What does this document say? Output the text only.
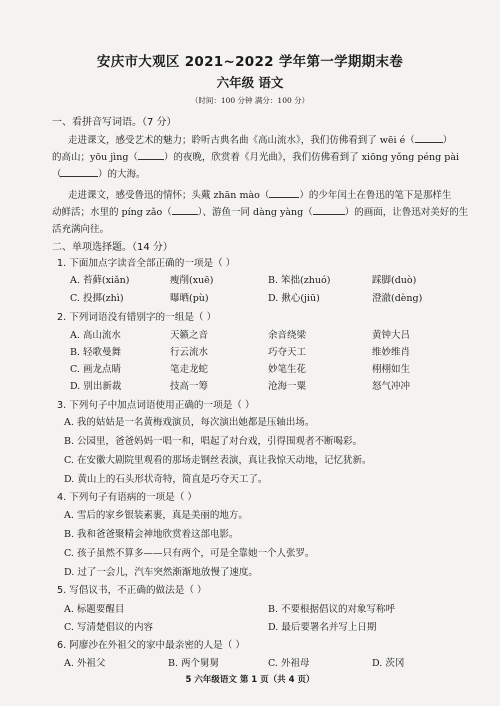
安庆市大观区 2021~2022 学年第一学期期末卷
六年级 语文
（时间：100 分钟 满分：100 分）
一、看拼音写词语。（7 分）
走进课文，感受艺术的魅力；聆听古典名曲《高山流水》，我们仿佛看到了 wēi é（	）
的高山；yōu jìng（	）的夜晚，欣赏着《月光曲》，我们仿佛看到了 xiōng yǒng péng pài
（	）的大海。
走进课文，感受鲁迅的情怀；头戴 zhān mào（	）的少年闰土在鲁迅的笔下是那样生
动鲜活；水里的 píng zǎo（	）、游鱼一同 dàng yàng（	）的画面，让鲁迅对美好的生
活充满向往。
二、单项选择题。（14 分）
1. 下面加点字读音全部正确的一项是（ ）
A. 苔藓(xiǎn)	瘦削(xuē)	B. 笨拙(zhuó)	踩脚(duò)
C. 投掷(zhì)	曝晒(pù)	D. 揪心(jiū)	澄澈(dèng)
2. 下列词语没有错别字的一组是（ ）
A. 高山流水	天籁之音	余音绕梁	黄钟大吕
B. 轻歌曼舞	行云流水	巧夺天工	维妙维肖
C. 画龙点睛	笔走龙蛇	妙笔生花	栩栩如生
D. 别出新裁	技高一筹	沧海一粟	怒气冲冲
3. 下列句子中加点词语使用正确的一项是（ ）
A. 我的姑姑是一名黄梅戏演员，每次演出她都是压轴出场。
B. 公园里，爸爸妈妈一唱一和，唱起了对台戏，引得围观者不断喝彩。
C. 在安徽大剧院里观看的那场走钢丝表演，真让我惊天动地，记忆犹新。
D. 黄山上的石头形状奇特，简直是巧夺天工了。
4. 下列句子有语病的一项是（ ）
A. 雪后的家乡银装素裹，真是美丽的地方。
B. 我和爸爸聚精会神地欣赏着这部电影。
C. 孩子虽然不算多——只有两个，可是全靠她一个人张罗。
D. 过了一会儿，汽车突然渐渐地放慢了速度。
5. 写倡议书，不正确的做法是（ ）
A. 标题要醒目	B. 不要根据倡议的对象写称呼
C. 写清楚倡议的内容	D. 最后要署名并写上日期
6. 阿廖沙在外祖父的家中最亲密的人是（ ）
A. 外祖父	B. 两个舅舅	C. 外祖母	D. 茨冈
5 六年级语文 第 1 页（共 4 页）
